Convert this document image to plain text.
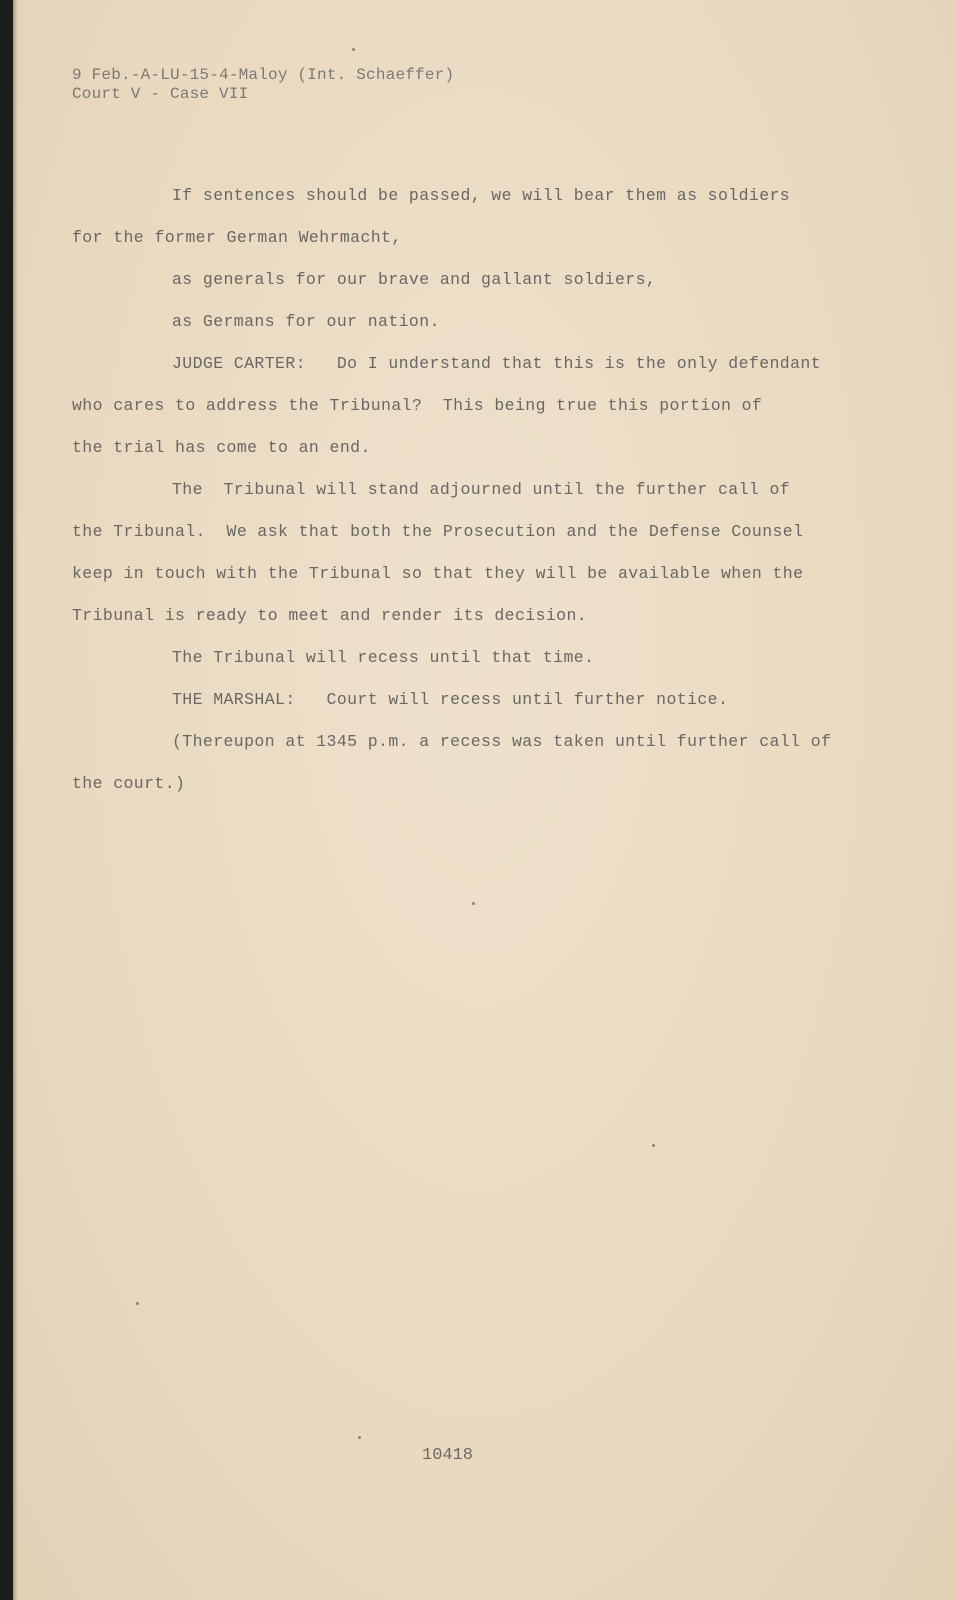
9 Feb.-A-LU-15-4-Maloy (Int. Schaeffer)
Court V - Case VII
If sentences should be passed, we will bear them as soldiers
for the former German Wehrmacht,
as generals for our brave and gallant soldiers,
as Germans for our nation.
JUDGE CARTER:   Do I understand that this is the only defendant
who cares to address the Tribunal?  This being true this portion of
the trial has come to an end.
The  Tribunal will stand adjourned until the further call of
the Tribunal.  We ask that both the Prosecution and the Defense Counsel
keep in touch with the Tribunal so that they will be available when the
Tribunal is ready to meet and render its decision.
The Tribunal will recess until that time.
THE MARSHAL:   Court will recess until further notice.
(Thereupon at 1345 p.m. a recess was taken until further call of
the court.)
10418
